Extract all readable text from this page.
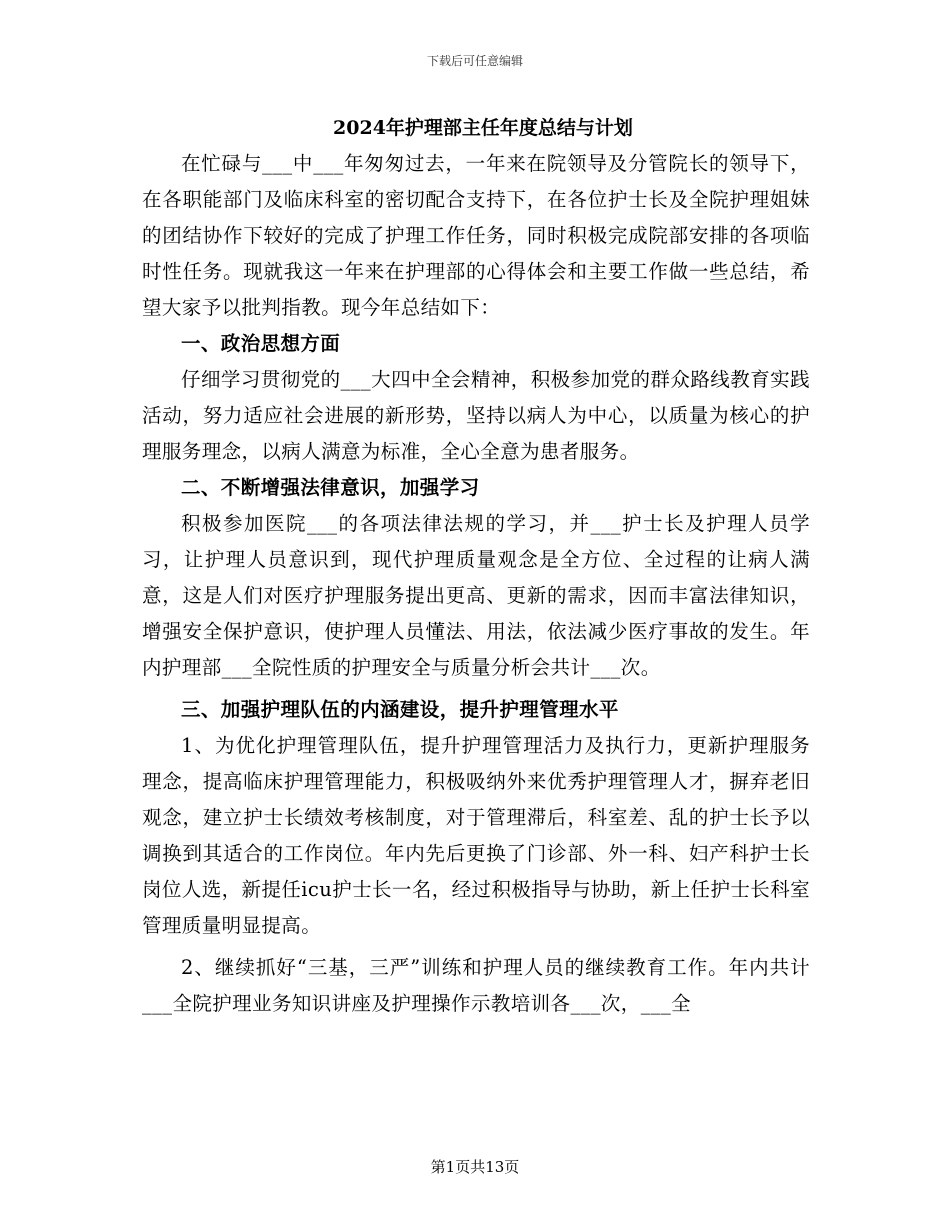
下载后可任意编辑
2024年护理部主任年度总结与计划

在忙碌与___中___年匆匆过去，一年来在院领导及分管院长的领导下，在各职能部门及临床科室的密切配合支持下，在各位护士长及全院护理姐妹的团结协作下较好的完成了护理工作任务，同时积极完成院部安排的各项临时性任务。现就我这一年来在护理部的心得体会和主要工作做一些总结，希望大家予以批判指教。现今年总结如下：

一、政治思想方面

仔细学习贯彻党的___大四中全会精神，积极参加党的群众路线教育实践活动，努力适应社会进展的新形势，坚持以病人为中心，以质量为核心的护理服务理念，以病人满意为标准，全心全意为患者服务。

二、不断增强法律意识，加强学习

积极参加医院___的各项法律法规的学习，并___护士长及护理人员学习，让护理人员意识到，现代护理质量观念是全方位、全过程的让病人满意，这是人们对医疗护理服务提出更高、更新的需求，因而丰富法律知识，增强安全保护意识，使护理人员懂法、用法，依法减少医疗事故的发生。年内护理部___全院性质的护理安全与质量分析会共计___次。

三、加强护理队伍的内涵建设，提升护理管理水平

1、为优化护理管理队伍，提升护理管理活力及执行力，更新护理服务理念，提高临床护理管理能力，积极吸纳外来优秀护理管理人才，摒弃老旧观念，建立护士长绩效考核制度，对于管理滞后，科室差、乱的护士长予以调换到其适合的工作岗位。年内先后更换了门诊部、外一科、妇产科护士长岗位人选，新提任icu护士长一名，经过积极指导与协助，新上任护士长科室管理质量明显提高。

2、继续抓好“三基，三严”训练和护理人员的继续教育工作。年内共计___全院护理业务知识讲座及护理操作示教培训各___次，___全

第1页共13页
